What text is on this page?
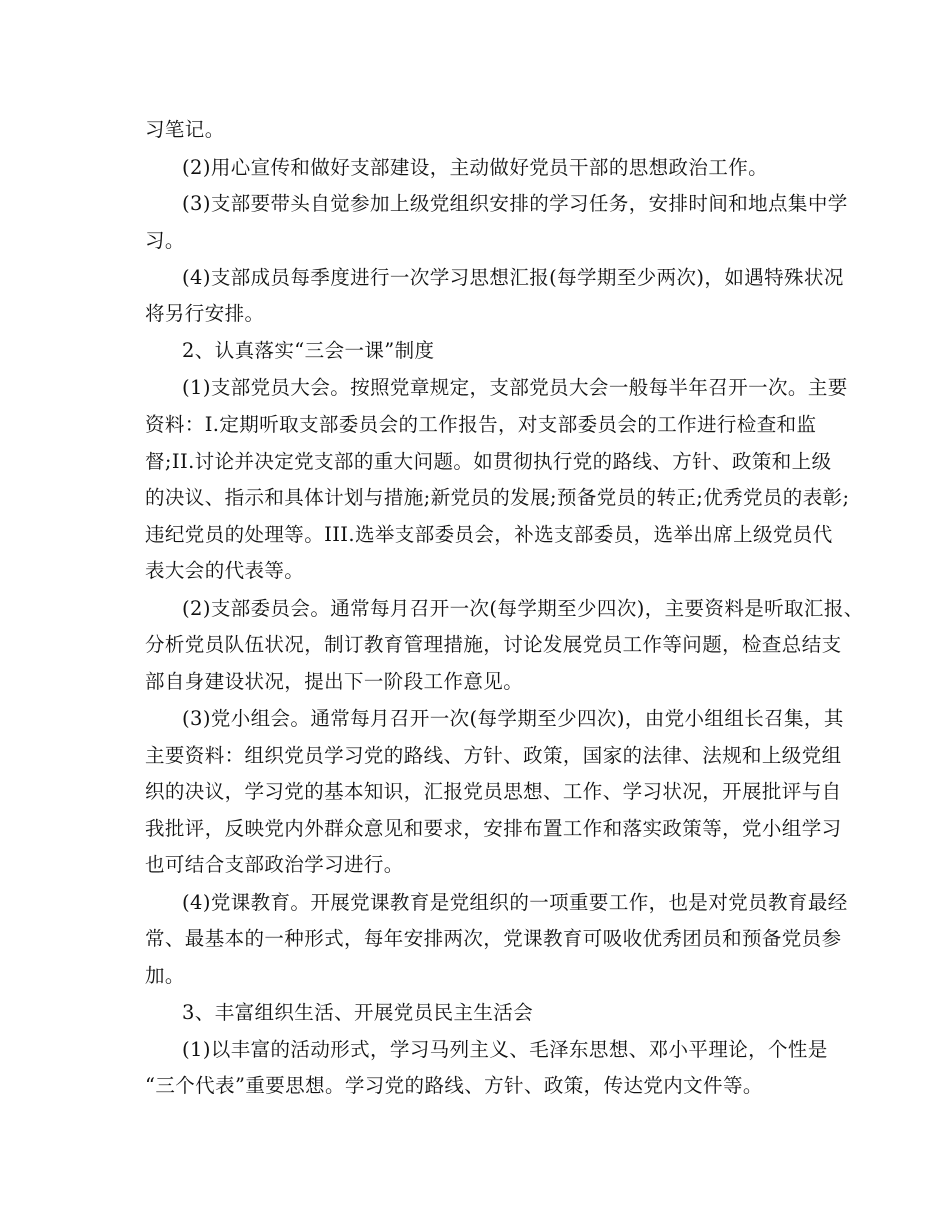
习笔记。
(2)用心宣传和做好支部建设，主动做好党员干部的思想政治工作。
(3)支部要带头自觉参加上级党组织安排的学习任务，安排时间和地点集中学
习。
(4)支部成员每季度进行一次学习思想汇报(每学期至少两次)，如遇特殊状况
将另行安排。
2、认真落实“三会一课”制度
(1)支部党员大会。按照党章规定，支部党员大会一般每半年召开一次。主要
资料：I.定期听取支部委员会的工作报告，对支部委员会的工作进行检查和监
督;II.讨论并决定党支部的重大问题。如贯彻执行党的路线、方针、政策和上级
的决议、指示和具体计划与措施;新党员的发展;预备党员的转正;优秀党员的表彰;
违纪党员的处理等。III.选举支部委员会，补选支部委员，选举出席上级党员代
表大会的代表等。
(2)支部委员会。通常每月召开一次(每学期至少四次)，主要资料是听取汇报、
分析党员队伍状况，制订教育管理措施，讨论发展党员工作等问题，检查总结支
部自身建设状况，提出下一阶段工作意见。
(3)党小组会。通常每月召开一次(每学期至少四次)，由党小组组长召集，其
主要资料：组织党员学习党的路线、方针、政策，国家的法律、法规和上级党组
织的决议，学习党的基本知识，汇报党员思想、工作、学习状况，开展批评与自
我批评，反映党内外群众意见和要求，安排布置工作和落实政策等，党小组学习
也可结合支部政治学习进行。
(4)党课教育。开展党课教育是党组织的一项重要工作，也是对党员教育最经
常、最基本的一种形式，每年安排两次，党课教育可吸收优秀团员和预备党员参
加。
3、丰富组织生活、开展党员民主生活会
(1)以丰富的活动形式，学习马列主义、毛泽东思想、邓小平理论，个性是
“三个代表”重要思想。学习党的路线、方针、政策，传达党内文件等。
